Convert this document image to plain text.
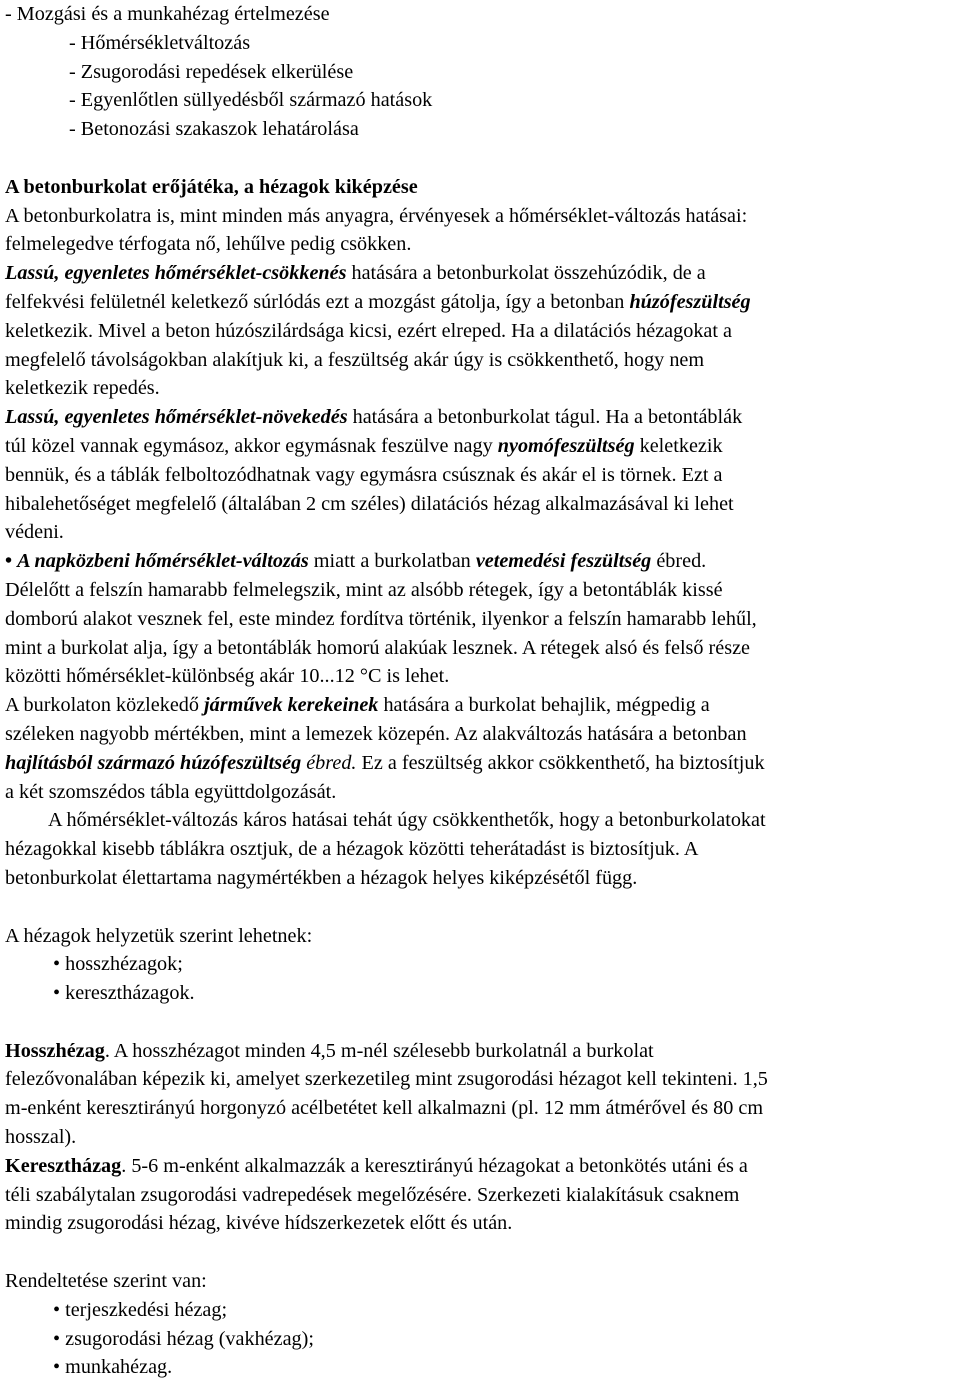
- Mozgási és a munkahézag értelmezése
- Hőmérsékletváltozás
- Zsugorodási repedések elkerülése
- Egyenlőtlen süllyedésből származó hatások
- Betonozási szakaszok lehatárolása
A betonburkolat erőjátéka, a hézagok kiképzése
A betonburkolatra is, mint minden más anyagra, érvényesek a hőmérséklet-változás hatásai:
felmelegedve térfogata nő, lehűlve pedig csökken.
Lassú, egyenletes hőmérséklet-csökkenés hatására a betonburkolat összehúzódik, de a
felfekvési felületnél keletkező súrlódás ezt a mozgást gátolja, így a betonban húzófeszültség
keletkezik. Mivel a beton húzószilárdsága kicsi, ezért elreped. Ha a dilatációs hézagokat a
megfelelő távolságokban alakítjuk ki, a feszültség akár úgy is csökkenthető, hogy nem
keletkezik repedés.
Lassú, egyenletes hőmérséklet-növekedés hatására a betonburkolat tágul. Ha a betontáblák
túl közel vannak egymásoz, akkor egymásnak feszülve nagy nyomófeszültség keletkezik
bennük, és a táblák felboltozódhatnak vagy egymásra csúsznak és akár el is törnek. Ezt a
hibalehetőséget megfelelő (általában 2 cm széles) dilatációs hézag alkalmazásával ki lehet
védeni.
• A napközbeni hőmérséklet-változás miatt a burkolatban vetemedési feszültség ébred.
Délelőtt a felszín hamarabb felmelegszik, mint az alsóbb rétegek, így a betontáblák kissé
domború alakot vesznek fel, este mindez fordítva történik, ilyenkor a felszín hamarabb lehűl,
mint a burkolat alja, így a betontáblák homorú alakúak lesznek. A rétegek alsó és felső része
közötti hőmérséklet-különbség akár 10...12 °C is lehet.
A burkolaton közlekedő járművek kerekeinek hatására a burkolat behajlik, mégpedig a
széleken nagyobb mértékben, mint a lemezek közepén. Az alakváltozás hatására a betonban
hajlításból származó húzófeszültség ébred. Ez a feszültség akkor csökkenthető, ha biztosítjuk
a két szomszédos tábla együttdolgozását.
A hőmérséklet-változás káros hatásai tehát úgy csökkenthetők, hogy a betonburkolatokat
hézagokkal kisebb táblákra osztjuk, de a hézagok közötti teherátadást is biztosítjuk. A
betonburkolat élettartama nagymértékben a hézagok helyes kiképzésétől függ.
A hézagok helyzetük szerint lehetnek:
• hosszhézagok;
• keresztházagok.
Hosszhézag. A hosszhézagot minden 4,5 m-nél szélesebb burkolatnál a burkolat
felezővonalában képezik ki, amelyet szerkezetileg mint zsugorodási hézagot kell tekinteni. 1,5
m-enként keresztirányú horgonyzó acélbetétet kell alkalmazni (pl. 12 mm átmérővel és 80 cm
hosszal).
Keresztházag. 5-6 m-enként alkalmazzák a keresztirányú hézagokat a betonkötés utáni és a
téli szabálytalan zsugorodási vadrepedések megelőzésére. Szerkezeti kialakításuk csaknem
mindig zsugorodási hézag, kivéve hídszerkezetek előtt és után.
Rendeltetése szerint van:
• terjeszkedési hézag;
• zsugorodási hézag (vakhézag);
• munkahézag.
